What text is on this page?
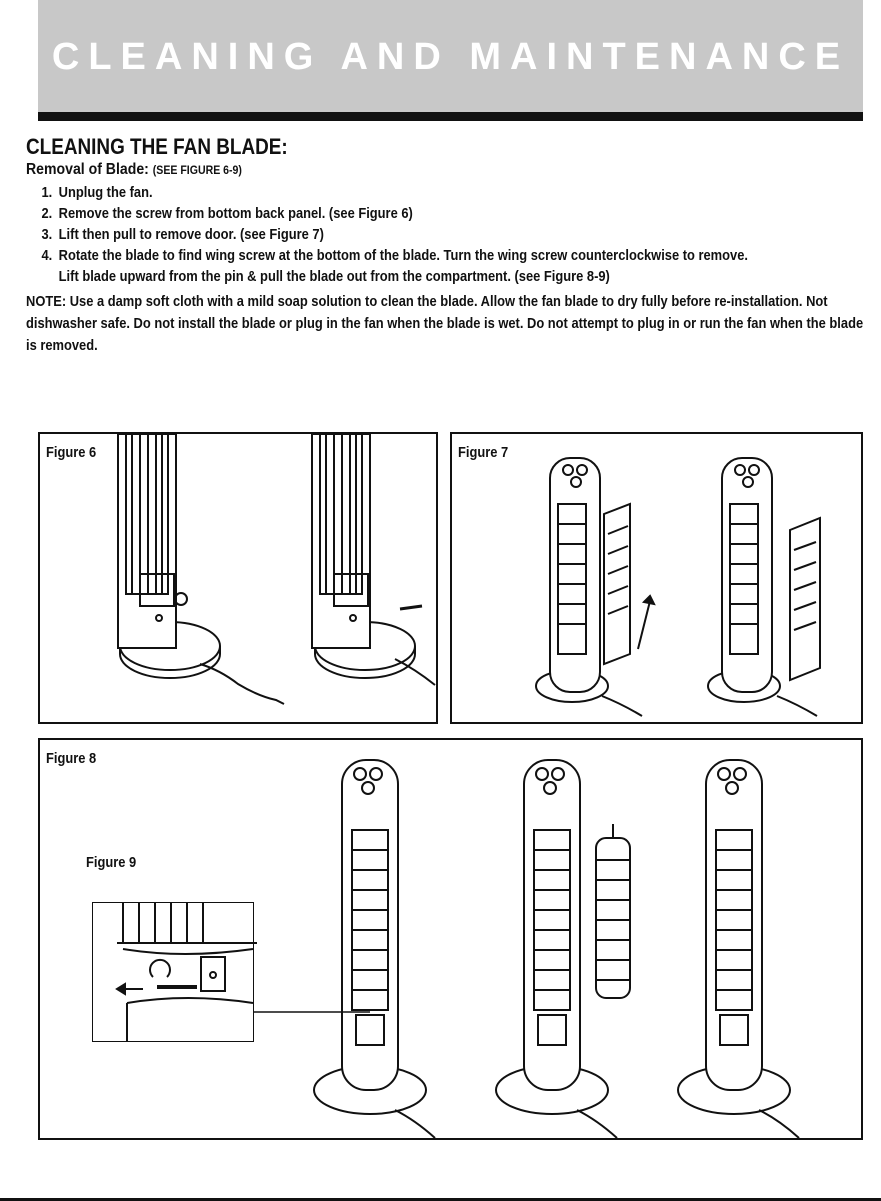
CLEANING AND MAINTENANCE
CLEANING THE FAN BLADE:

Removal of Blade: (SEE FIGURE 6-9)

1. Unplug the fan.
2. Remove the screw from bottom back panel. (see Figure 6)
3. Lift then pull to remove door. (see Figure 7)
4. Rotate the blade to find wing screw at the bottom of the blade. Turn the wing screw counterclockwise to remove.
Lift blade upward from the pin & pull the blade out from the compartment. (see Figure 8-9)

NOTE: Use a damp soft cloth with a mild soap solution to clean the blade. Allow the fan blade to dry fully before re-installation. Not dishwasher safe. Do not install the blade or plug in the fan when the blade is wet. Do not attempt to plug in or run the fan when the blade is removed.

Figure 6	Figure 7
Figure 8
Figure 9
